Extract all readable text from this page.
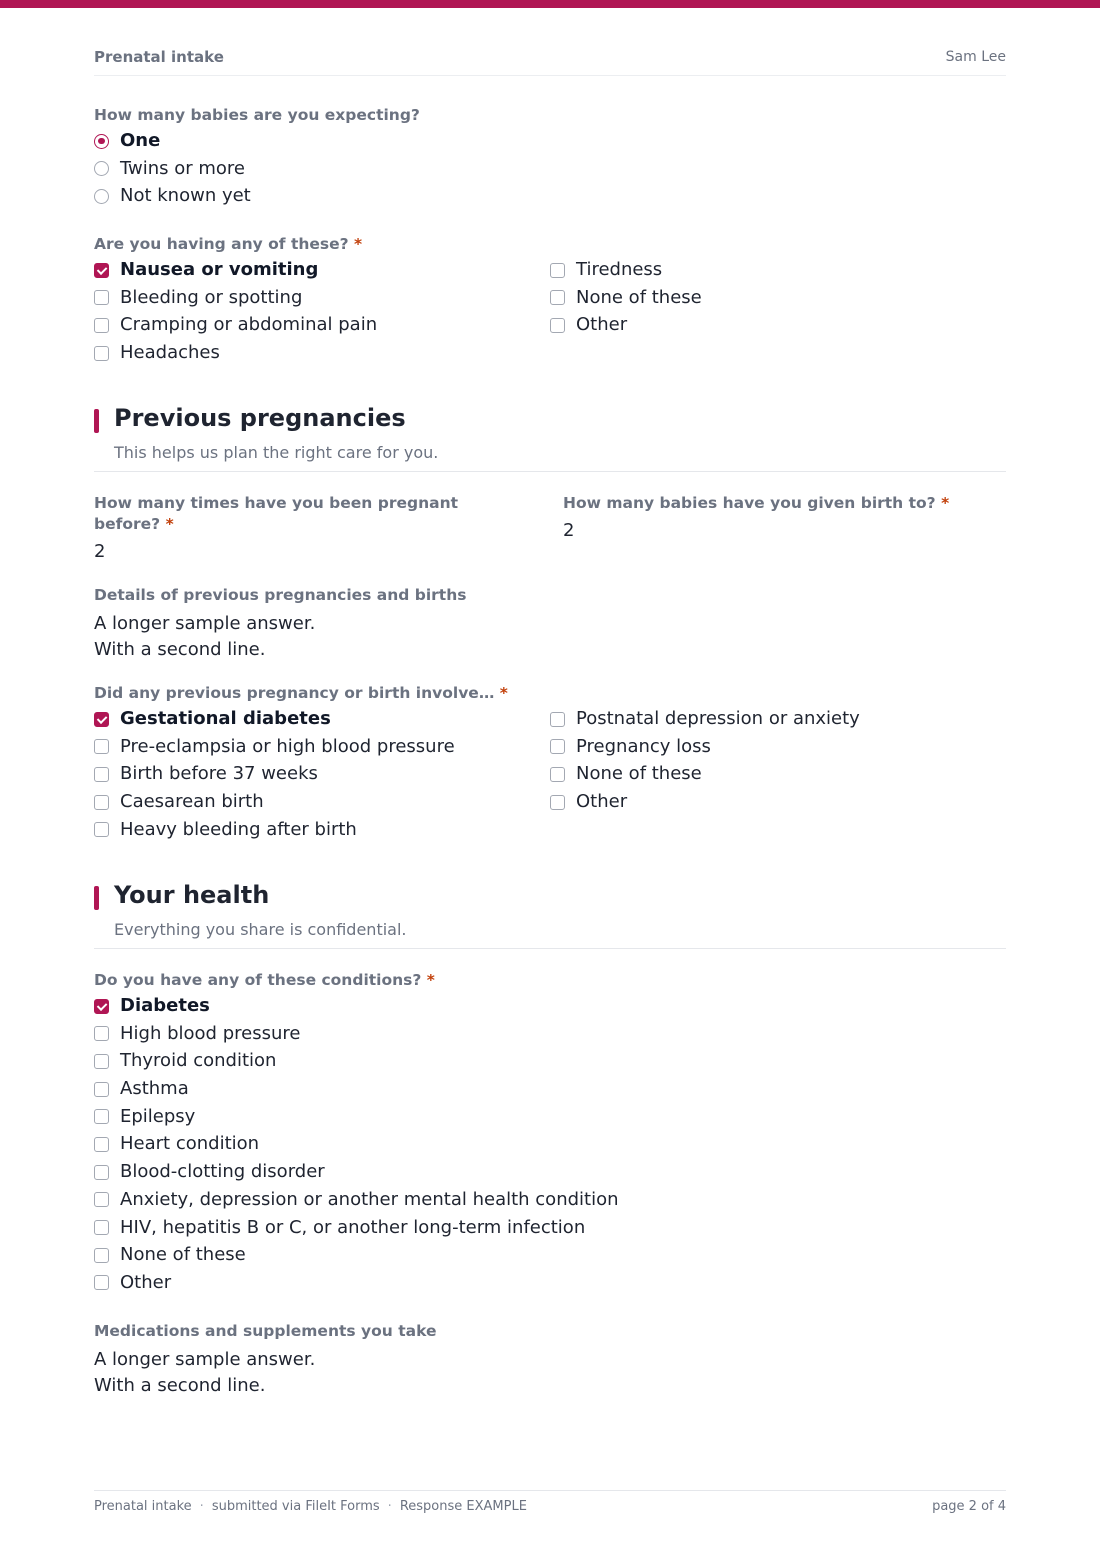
Prenatal intake	Sam Lee
How many babies are you expecting?
One
Twins or more
Not known yet
Are you having any of these? *
Nausea or vomiting
Bleeding or spotting
Cramping or abdominal pain
Headaches
Tiredness
None of these
Other
Previous pregnancies
This helps us plan the right care for you.
How many times have you been pregnant before? *
2
How many babies have you given birth to? *
2
Details of previous pregnancies and births
A longer sample answer.
With a second line.
Did any previous pregnancy or birth involve… *
Gestational diabetes
Pre-eclampsia or high blood pressure
Birth before 37 weeks
Caesarean birth
Heavy bleeding after birth
Postnatal depression or anxiety
Pregnancy loss
None of these
Other
Your health
Everything you share is confidential.
Do you have any of these conditions? *
Diabetes
High blood pressure
Thyroid condition
Asthma
Epilepsy
Heart condition
Blood-clotting disorder
Anxiety, depression or another mental health condition
HIV, hepatitis B or C, or another long-term infection
None of these
Other
Medications and supplements you take
A longer sample answer.
With a second line.
Prenatal intake · submitted via FileIt Forms · Response EXAMPLE	page 2 of 4
